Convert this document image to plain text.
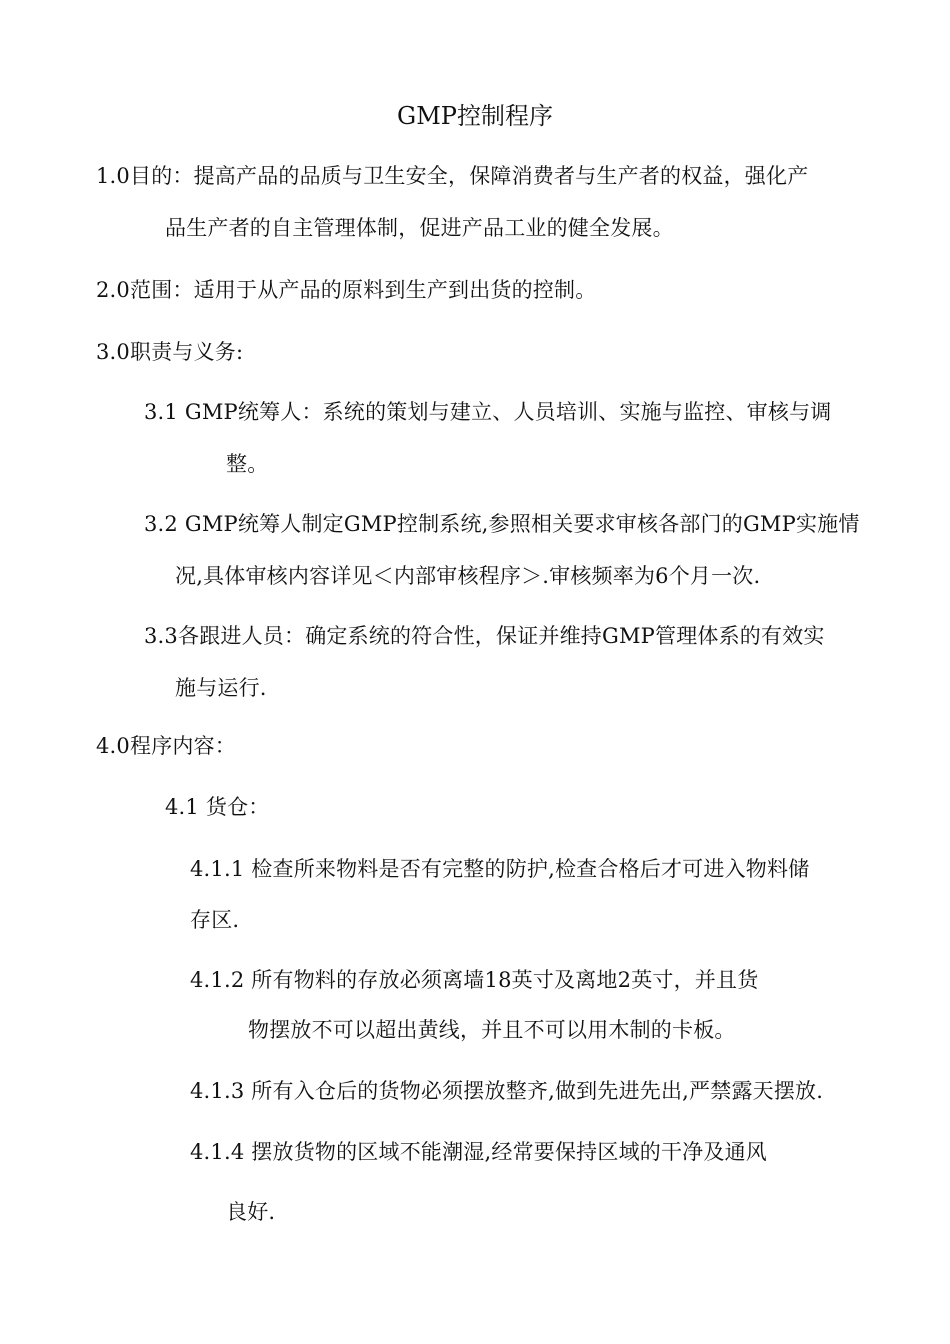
GMP控制程序
1.0目的：提高产品的品质与卫生安全，保障消费者与生产者的权益，强化产
品生产者的自主管理体制，促进产品工业的健全发展。
2.0范围：适用于从产品的原料到生产到出货的控制。
3.0职责与义务:
3.1 GMP统筹人：系统的策划与建立、人员培训、实施与监控、审核与调
整。
3.2 GMP统筹人制定GMP控制系统,参照相关要求审核各部门的GMP实施情
况,具体审核内容详见＜内部审核程序＞.审核频率为6个月一次.
3.3各跟进人员：确定系统的符合性，保证并维持GMP管理体系的有效实
施与运行.
4.0程序内容：
4.1 货仓：
4.1.1 检查所来物料是否有完整的防护,检查合格后才可进入物料储
存区.
4.1.2 所有物料的存放必须离墙18英寸及离地2英寸，并且货
物摆放不可以超出黄线，并且不可以用木制的卡板。
4.1.3 所有入仓后的货物必须摆放整齐,做到先进先出,严禁露天摆放.
4.1.4 摆放货物的区域不能潮湿,经常要保持区域的干净及通风
良好.
